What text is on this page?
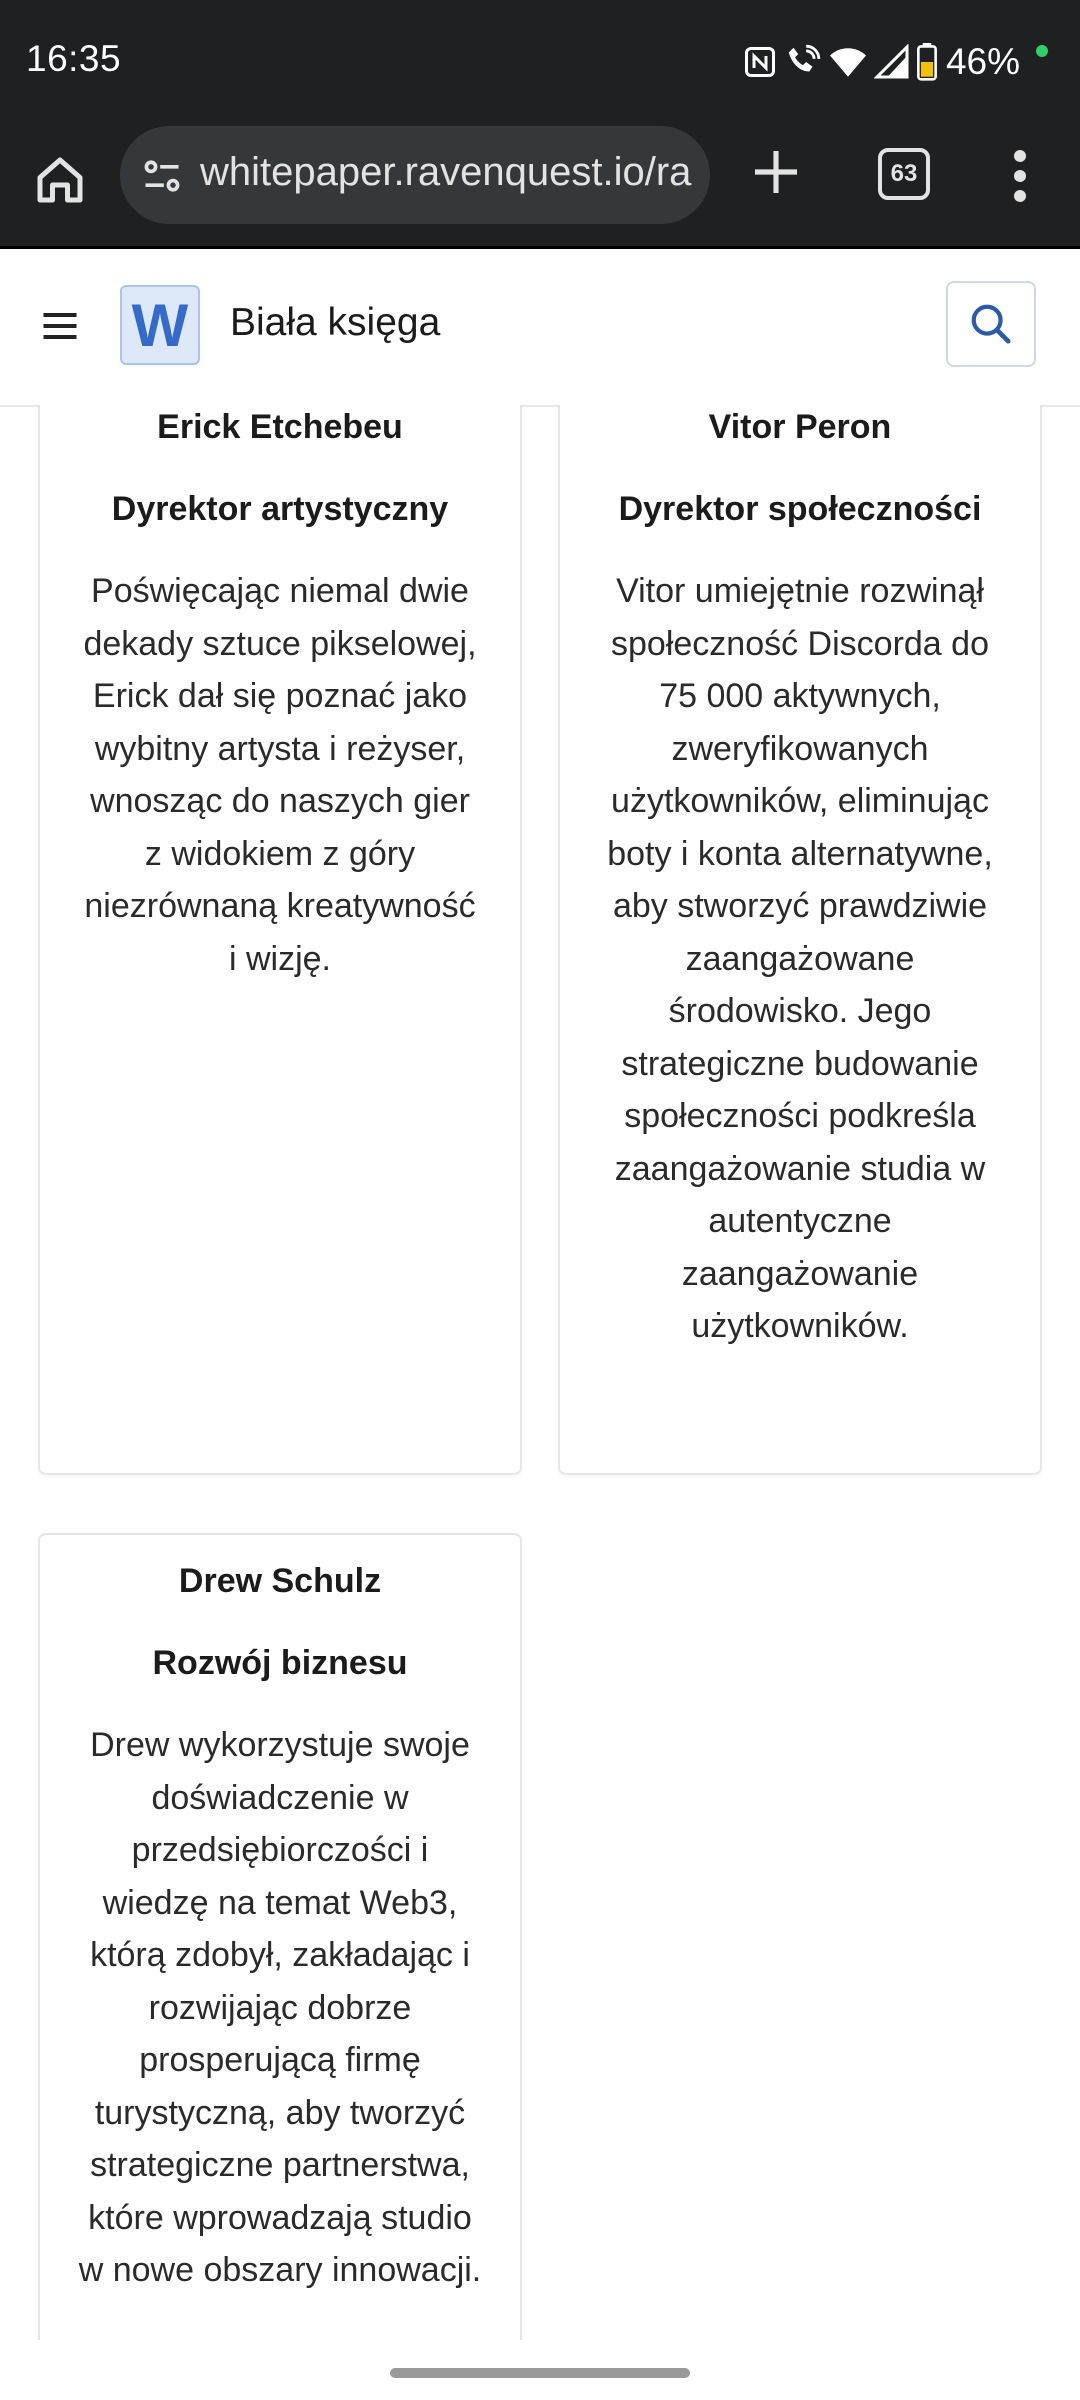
16:35	46%
whitepaper.ravenquest.io/ra	63
W Biała księga
Erick Etchebeu
Dyrektor artystyczny
Poświęcając niemal dwie dekady sztuce pikselowej, Erick dał się poznać jako wybitny artysta i reżyser, wnosząc do naszych gier z widokiem z góry niezrównaną kreatywność i wizję.
Vitor Peron
Dyrektor społeczności
Vitor umiejętnie rozwinął społeczność Discorda do 75 000 aktywnych, zweryfikowanych użytkowników, eliminując boty i konta alternatywne, aby stworzyć prawdziwie zaangażowane środowisko. Jego strategiczne budowanie społeczności podkreśla zaangażowanie studia w autentyczne zaangażowanie użytkowników.
Drew Schulz
Rozwój biznesu
Drew wykorzystuje swoje doświadczenie w przedsiębiorczości i wiedzę na temat Web3, którą zdobył, zakładając i rozwijając dobrze prosperującą firmę turystyczną, aby tworzyć strategiczne partnerstwa, które wprowadzają studio w nowe obszary innowacji.
